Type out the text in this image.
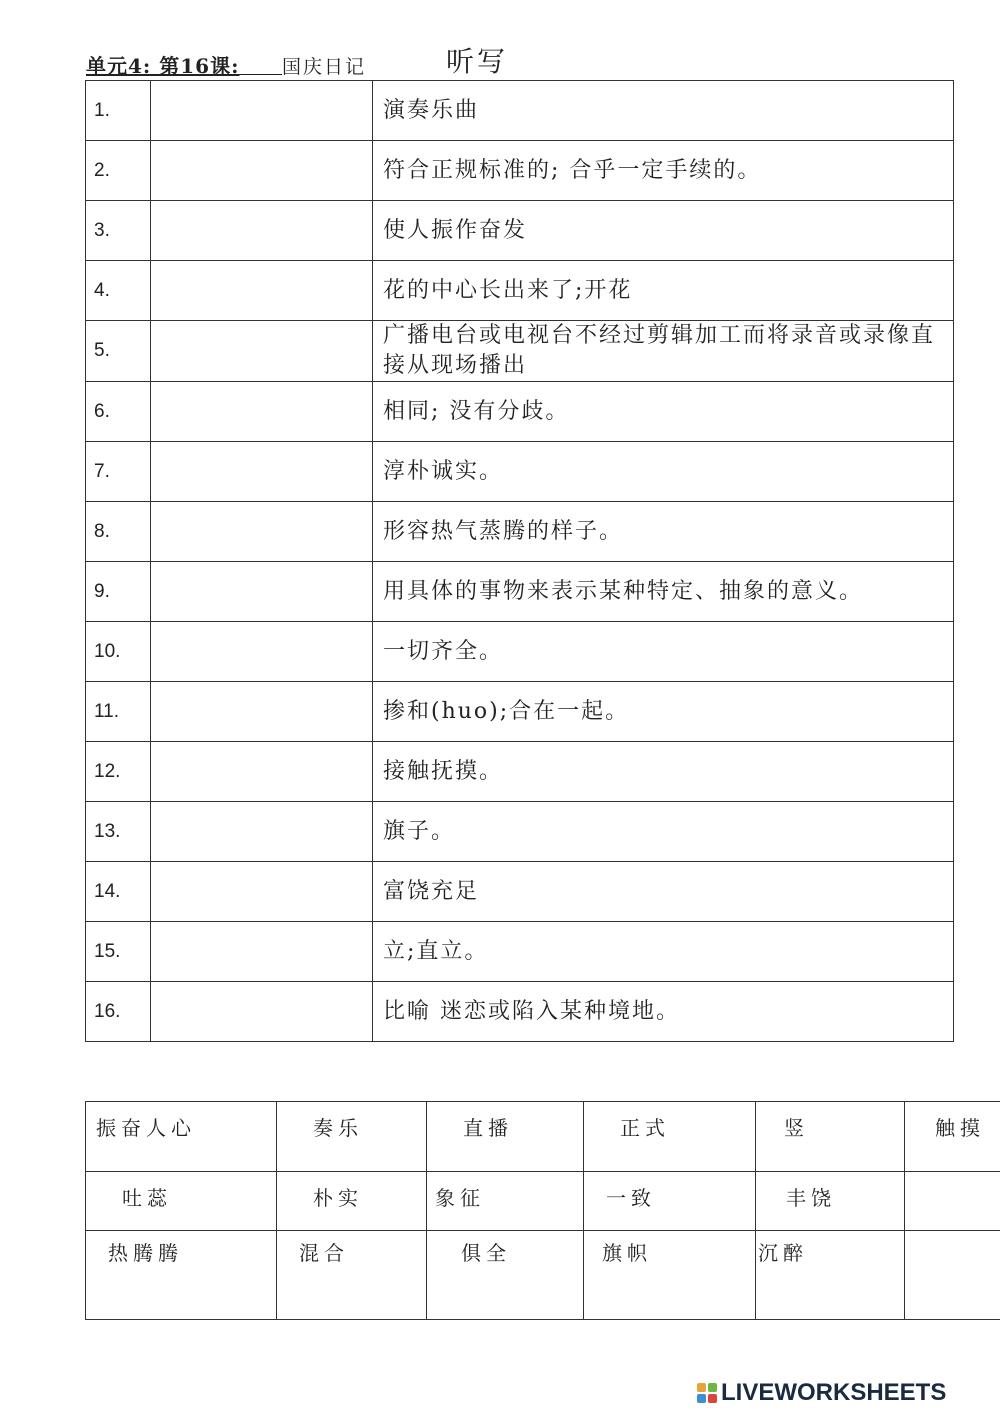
单元4: 第16课: 国庆日记	听写
1.		演奏乐曲
2.		符合正规标准的; 合乎一定手续的。
3.		使人振作奋发
4.		花的中心长出来了;开花
5.		广播电台或电视台不经过剪辑加工而将录音或录像直接从现场播出
6.		相同; 没有分歧。
7.		淳朴诚实。
8.		形容热气蒸腾的样子。
9.		用具体的事物来表示某种特定、抽象的意义。
10.		一切齐全。
11.		掺和(huo);合在一起。
12.		接触抚摸。
13.		旗子。
14.		富饶充足
15.		立;直立。
16.		比喻 迷恋或陷入某种境地。
振奋人心	奏乐	直播	正式	竖	触摸
吐蕊	朴实	象征	一致	丰饶	
热腾腾	混合	俱全	旗帜	沉醉	
LIVEWORKSHEETS
